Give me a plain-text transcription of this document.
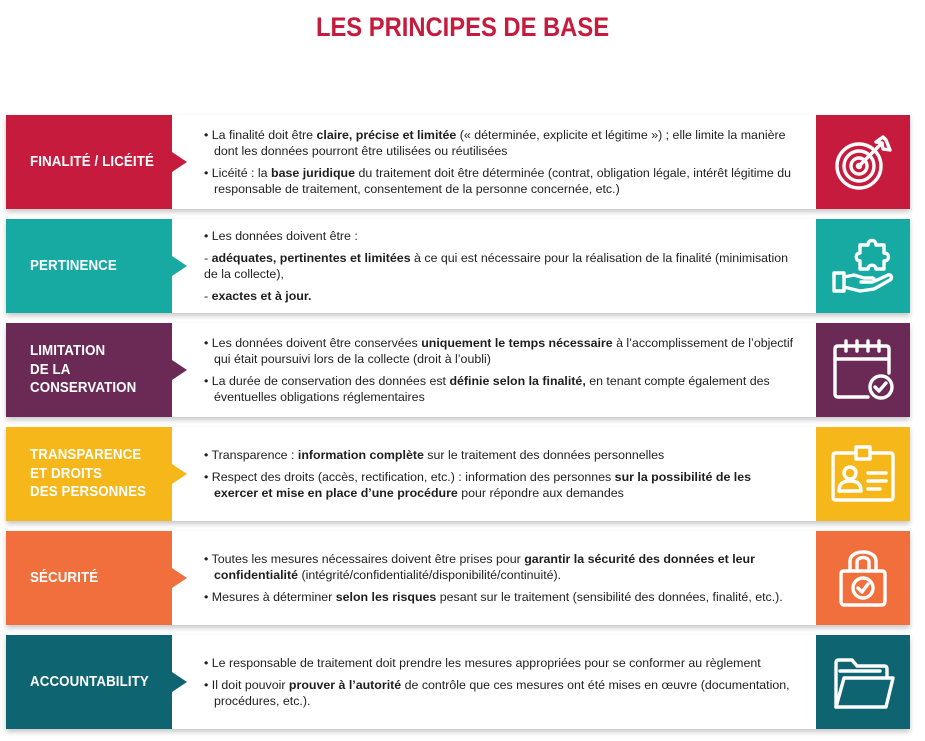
LES PRINCIPES DE BASE
FINALITÉ / LICÉITÉ
• La finalité doit être claire, précise et limitée (« déterminée, explicite et légitime ») ; elle limite la manière dont les données pourront être utilisées ou réutilisées
• Licéité : la base juridique du traitement doit être déterminée (contrat, obligation légale, intérêt légitime du responsable de traitement, consentement de la personne concernée, etc.)
PERTINENCE
• Les données doivent être :
- adéquates, pertinentes et limitées à ce qui est nécessaire pour la réalisation de la finalité (minimisation de la collecte),
- exactes et à jour.
LIMITATION
DE LA
CONSERVATION
• Les données doivent être conservées uniquement le temps nécessaire à l’accomplissement de l’objectif qui était poursuivi lors de la collecte (droit à l’oubli)
• La durée de conservation des données est définie selon la finalité, en tenant compte également des éventuelles obligations réglementaires
TRANSPARENCE
ET DROITS
DES PERSONNES
• Transparence : information complète sur le traitement des données personnelles
• Respect des droits (accès, rectification, etc.) : information des personnes sur la possibilité de les exercer et mise en place d’une procédure pour répondre aux demandes
SÉCURITÉ
• Toutes les mesures nécessaires doivent être prises pour garantir la sécurité des données et leur confidentialité (intégrité/confidentialité/disponibilité/continuité).
• Mesures à déterminer selon les risques pesant sur le traitement (sensibilité des données, finalité, etc.).
ACCOUNTABILITY
• Le responsable de traitement doit prendre les mesures appropriées pour se conformer au règlement
• Il doit pouvoir prouver à l’autorité de contrôle que ces mesures ont été mises en œuvre (documentation, procédures, etc.).
